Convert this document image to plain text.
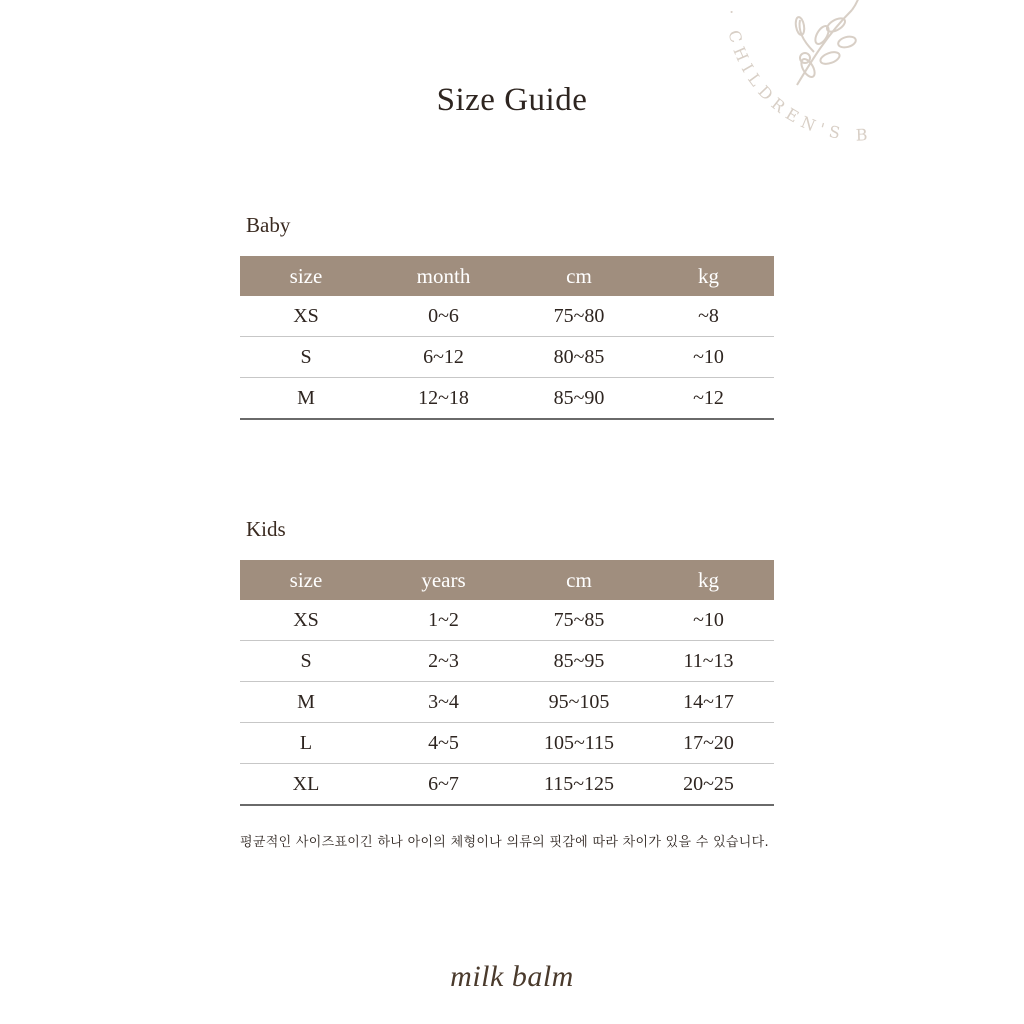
Size Guide
· CHILDREN'S B
Baby
size	month	cm	kg
XS	0~6	75~80	~8
S	6~12	80~85	~10
M	12~18	85~90	~12
Kids
size	years	cm	kg
XS	1~2	75~85	~10
S	2~3	85~95	11~13
M	3~4	95~105	14~17
L	4~5	105~115	17~20
XL	6~7	115~125	20~25
평균적인 사이즈표이긴 하나 아이의 체형이나 의류의 핏감에 따라 차이가 있을 수 있습니다.
milk balm
